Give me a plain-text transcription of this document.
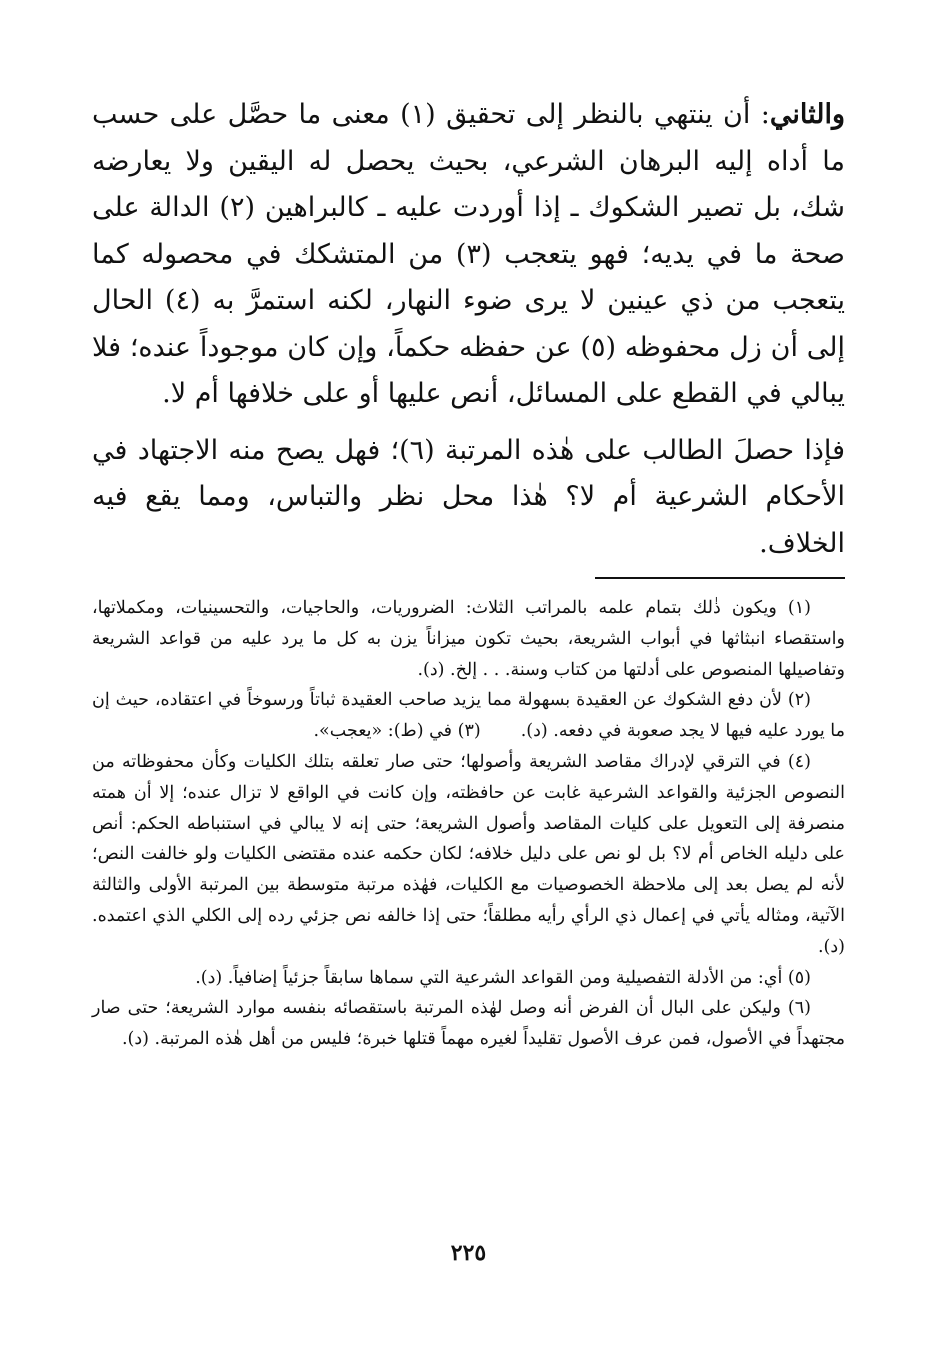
والثاني: أن ينتهي بالنظر إلى تحقيق (١) معنى ما حصَّل على حسب ما أداه إليه البرهان الشرعي، بحيث يحصل له اليقين ولا يعارضه شك، بل تصير الشكوك ـ إذا أوردت عليه ـ كالبراهين (٢) الدالة على صحة ما في يديه؛ فهو يتعجب (٣) من المتشكك في محصوله كما يتعجب من ذي عينين لا يرى ضوء النهار، لكنه استمرَّ به (٤) الحال إلى أن زل محفوظه (٥) عن حفظه حكماً، وإن كان موجوداً عنده؛ فلا يبالي في القطع على المسائل، أنص عليها أو على خلافها أم لا.

فإذا حصلَ الطالب على هٰذه المرتبة (٦)؛ فهل يصح منه الاجتهاد في الأحكام الشرعية أم لا؟ هٰذا محل نظر والتباس، ومما يقع فيه الخلاف.

(١) ويكون ذٰلك بتمام علمه بالمراتب الثلاث: الضروريات، والحاجيات، والتحسينيات، ومكملاتها، واستقصاء انبثاثها في أبواب الشريعة، بحيث تكون ميزاناً يزن به كل ما يرد عليه من قواعد الشريعة وتفاصيلها المنصوص على أدلتها من كتاب وسنة. . . إلخ. (د).

(٢) لأن دفع الشكوك عن العقيدة بسهولة مما يزيد صاحب العقيدة ثباتاً ورسوخاً في اعتقاده، حيث إن ما يورد عليه فيها لا يجد صعوبة في دفعه. (د).(٣) في (ط): «يعجب».

(٤) في الترقي لإدراك مقاصد الشريعة وأصولها؛ حتى صار تعلقه بتلك الكليات وكأن محفوظاته من النصوص الجزئية والقواعد الشرعية غابت عن حافظته، وإن كانت في الواقع لا تزال عنده؛ إلا أن همته منصرفة إلى التعويل على كليات المقاصد وأصول الشريعة؛ حتى إنه لا يبالي في استنباطه الحكم: أنص على دليله الخاص أم لا؟ بل لو نص على دليل خلافه؛ لكان حكمه عنده مقتضى الكليات ولو خالفت النص؛ لأنه لم يصل بعد إلى ملاحظة الخصوصيات مع الكليات، فهٰذه مرتبة متوسطة بين المرتبة الأولى والثالثة الآتية، ومثاله يأتي في إعمال ذي الرأي رأيه مطلقاً؛ حتى إذا خالفه نص جزئي رده إلى الكلي الذي اعتمده. (د).

(٥) أي: من الأدلة التفصيلية ومن القواعد الشرعية التي سماها سابقاً جزئياً إضافياً. (د).

(٦) وليكن على البال أن الفرض أنه وصل لهٰذه المرتبة باستقصائه بنفسه موارد الشريعة؛ حتى صار مجتهداً في الأصول، فمن عرف الأصول تقليداً لغيره مهماً قتلها خبرة؛ فليس من أهل هٰذه المرتبة. (د).

٢٢٥
